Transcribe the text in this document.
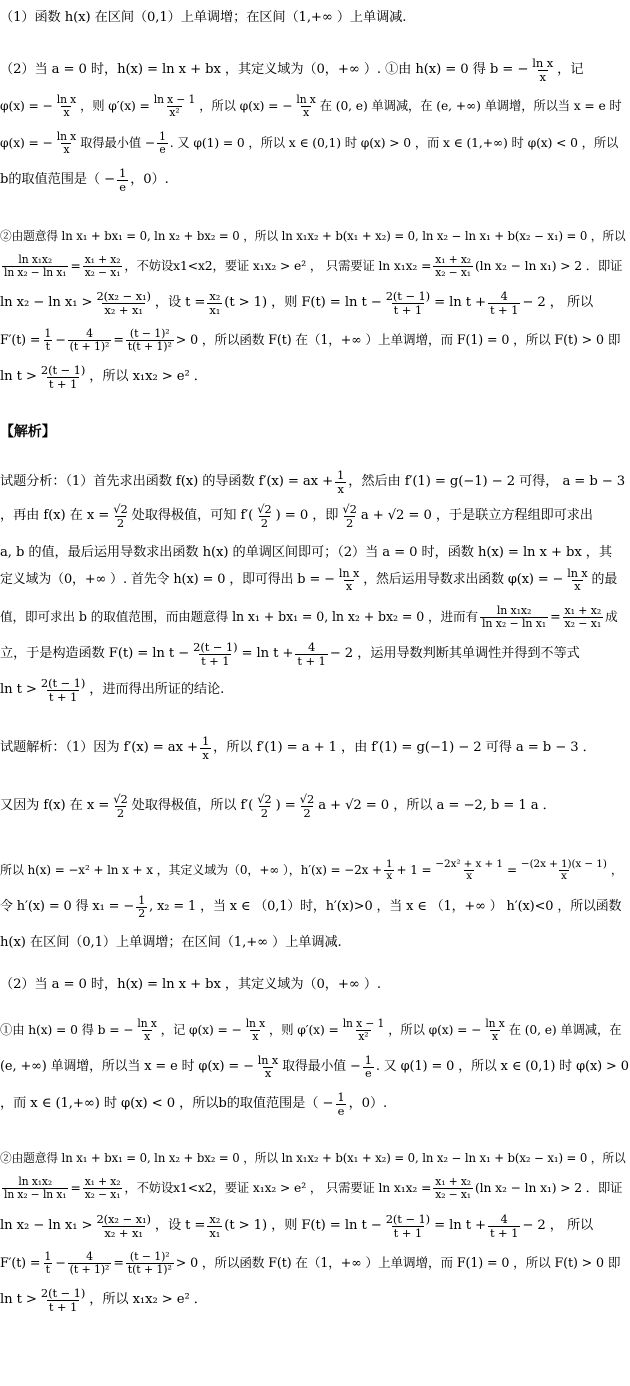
（1）函数 h(x) 在区间（0,1）上单调增；在区间（1,+∞ ）上单调减.
（2）当 a = 0 时，h(x) = ln x + bx ，其定义域为（0，+∞ ）. ①由 h(x) = 0 得 b = − $\frac{\text{ln x}}{x}$ ，记
φ(x) = − $\frac{\text{ln x}}{x}$ ，则 $\varphi'(x) = \frac{\text{ln x − 1}}{\text{x²}}$ ，所以 φ(x) = − $\frac{\text{ln x}}{x}$ 在 (0, e) 单调减，在 (e, +∞) 单调增，所以当 x = e 时
φ(x) = − $\frac{\text{ln x}}{x}$ 取得最小值 − $\frac{1}{e}$ . 又 φ(1) = 0 ，所以 x ∈ (0,1) 时 φ(x) > 0 ，而 x ∈ (1,+∞) 时 φ(x) < 0 ，所以
b的取值范围是（ − $\frac{1}{e}$ ，0）.
②由题意得 ln x₁ + bx₁ = 0, ln x₂ + bx₂ = 0 ，所以 ln x₁x₂ + b(x₁ + x₂) = 0, ln x₂ − ln x₁ + b(x₂ − x₁) = 0 ，所以
$\frac{\text{ln x₁x₂}}{\text{ln x₂ − ln x₁}} = \frac{\text{x₁ + x₂}}{\text{x₂ − x₁}}$ ，不妨设x1<x2，要证 x₁x₂ > e² ， 只需要证 $\ln x_1x_2 = \frac{\text{x₁ + x₂}}{\text{x₂ − x₁}} (\ln$ x₂ − ln x₁) > 2 ．即证
$\ln x_2 - \ln x_1 > \frac{\text{2(x₂ − x₁)}}{\text{x₂ + x₁}}$ ，设 $t = \frac{\text{x₂}}{\text{x₁}} (t > 1)$ ，则 $F(t) = \ln t - \frac{2(t - 1)}{t + 1} = \ln t + \frac{4}{t + 1} - 2$ ， 所以
$F'(t) = \frac{1}{t} - \frac{4}{\text{(t + 1)²}} = \frac{\text{(t − 1)²}}{\text{t(t + 1)²}} > 0$ ，所以函数 F(t) 在（1，+∞ ）上单调增，而 F(1) = 0 ，所以 F(t) > 0 即
$\ln t > \frac{2(t - 1)}{t + 1}$ ，所以 x₁x₂ > e² ．
【解析】
试题分析：（1）首先求出函数 f(x) 的导函数 f′(x) = ax + $\frac{1}{x}$ ，然后由 f′(1) = g(−1) − 2 可得， a = b − 3
，再由 f(x) 在 $x = \frac{√2}{2}$ 处取得极值，可知 $f'( \frac{√2}{2}$ ) = 0 ，即 $\frac{√2}{2}$ a + √2 = 0 ，于是联立方程组即可求出
a, b 的值，最后运用导数求出函数 h(x) 的单调区间即可；（2）当 a = 0 时，函数 h(x) = ln x + bx ，其
定义域为（0，+∞ ）. 首先令 h(x) = 0 ，即可得出 b = − $\frac{\text{ln x}}{x}$ ，然后运用导数求出函数 φ(x) = − $\frac{\text{ln x}}{x}$ 的最
值，即可求出 b 的取值范围，而由题意得 ln x₁ + bx₁ = 0, ln x₂ + bx₂ = 0 ，进而有 $\frac{\text{ln x₁x₂}}{\text{ln x₂ − ln x₁}} = \frac{\text{x₁ + x₂}}{\text{x₂ − x₁}}$ 成
立，于是构造函数 $F(t) = \ln t - \frac{2(t - 1)}{t + 1} = \ln t + \frac{4}{t + 1} - 2$ ，运用导数判断其单调性并得到不等式
$\ln t > \frac{2(t - 1)}{t + 1}$ ，进而得出所证的结论.
试题解析：（1）因为 f′(x) = ax + $\frac{1}{x}$ ，所以 f′(1) = a + 1 ，由 f′(1) = g(−1) − 2 可得 a = b − 3 ．
又因为 f(x) 在 $x = \frac{√2}{2}$ 处取得极值，所以 $f'( \frac{√2}{2}$ ) = $\frac{√2}{2}$ a + √2 = 0 ，所以 a = −2, b = 1 a ．
所以 h(x) = −x² + ln x + x ，其定义域为（0，+∞ ），$h'(x) = -2x + \frac{1}{x} + 1 = \frac{\text{−2x² + x + 1}}{x} = \frac{-(2x + 1)(x - 1)}{x}$ ，
令 h′(x) = 0 得 x₁ = − $\frac{1}{2}$ , x₂ = 1 ，当 x ∈ （0,1）时，h′(x)>0 ，当 x ∈ （1，+∞ ） h′(x)<0 ，所以函数
h(x) 在区间（0,1）上单调增；在区间（1,+∞ ）上单调减.
（2）当 a = 0 时，h(x) = ln x + bx ，其定义域为（0，+∞ ）.
①由 h(x) = 0 得 b = − $\frac{\text{ln x}}{x}$ ，记 φ(x) = − $\frac{\text{ln x}}{x}$ ，则 $\varphi'(x) = \frac{\text{ln x − 1}}{\text{x²}}$ ，所以 φ(x) = − $\frac{\text{ln x}}{x}$ 在 (0, e) 单调减，在
(e, +∞) 单调增，所以当 x = e 时 φ(x) = − $\frac{\text{ln x}}{x}$ 取得最小值 − $\frac{1}{e}$ . 又 φ(1) = 0 ，所以 x ∈ (0,1) 时 φ(x) > 0
，而 x ∈ (1,+∞) 时 φ(x) < 0 ，所以b的取值范围是（ − $\frac{1}{e}$ ，0）.
②由题意得 ln x₁ + bx₁ = 0, ln x₂ + bx₂ = 0 ，所以 ln x₁x₂ + b(x₁ + x₂) = 0, ln x₂ − ln x₁ + b(x₂ − x₁) = 0 ，所以
$\frac{\text{ln x₁x₂}}{\text{ln x₂ − ln x₁}} = \frac{\text{x₁ + x₂}}{\text{x₂ − x₁}}$ ，不妨设x1<x2，要证 x₁x₂ > e² ， 只需要证 $\ln x_1x_2 = \frac{\text{x₁ + x₂}}{\text{x₂ − x₁}} (\ln$ x₂ − ln x₁) > 2 ．即证
$\ln x_2 - \ln x_1 > \frac{\text{2(x₂ − x₁)}}{\text{x₂ + x₁}}$ ，设 $t = \frac{\text{x₂}}{\text{x₁}} (t > 1)$ ，则 $F(t) = \ln t - \frac{2(t - 1)}{t + 1} = \ln t + \frac{4}{t + 1} - 2$ ， 所以
$F'(t) = \frac{1}{t} - \frac{4}{\text{(t + 1)²}} = \frac{\text{(t − 1)²}}{\text{t(t + 1)²}} > 0$ ，所以函数 F(t) 在（1，+∞ ）上单调增，而 F(1) = 0 ，所以 F(t) > 0 即
$\ln t > \frac{2(t - 1)}{t + 1}$ ，所以 x₁x₂ > e² ．
